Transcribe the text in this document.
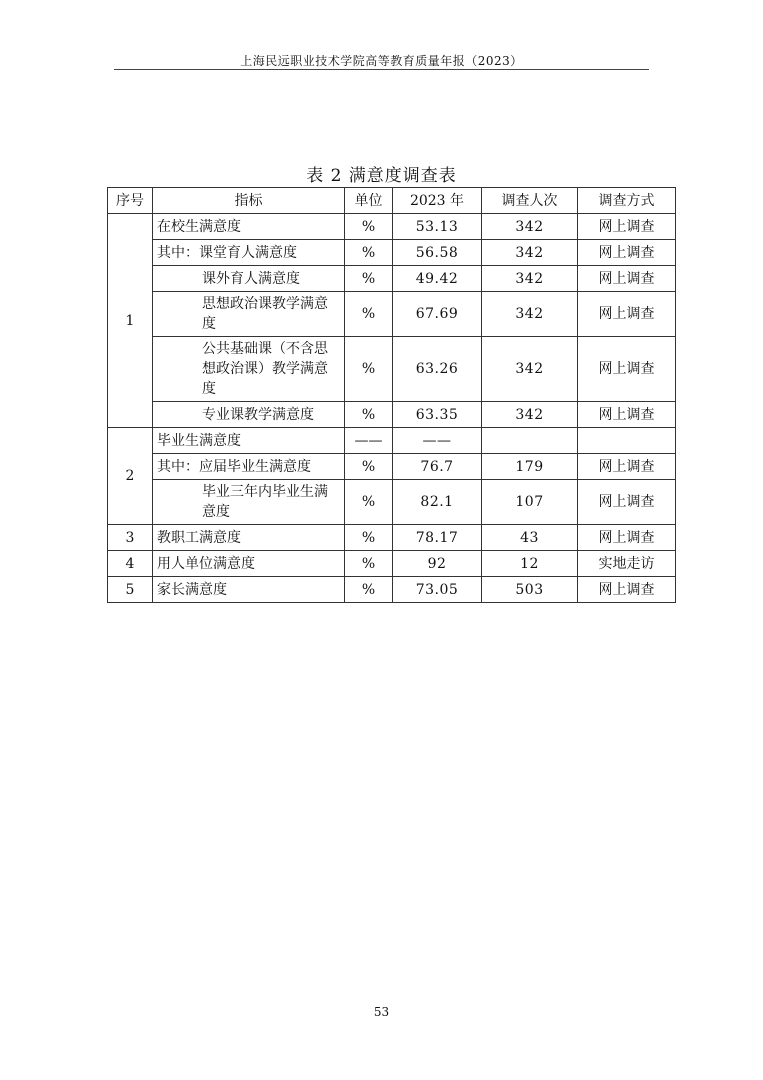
上海民远职业技术学院高等教育质量年报（2023）
表 2 满意度调查表
序号	指标	单位	2023 年	调查人次	调查方式
1	在校生满意度	%	53.13	342	网上调查
	其中：课堂育人满意度	%	56.58	342	网上调查
	课外育人满意度	%	49.42	342	网上调查
	思想政治课教学满意度	%	67.69	342	网上调查
	公共基础课（不含思想政治课）教学满意度	%	63.26	342	网上调查
	专业课教学满意度	%	63.35	342	网上调查
2	毕业生满意度	——	——		
	其中：应届毕业生满意度	%	76.7	179	网上调查
	毕业三年内毕业生满意度	%	82.1	107	网上调查
3	教职工满意度	%	78.17	43	网上调查
4	用人单位满意度	%	92	12	实地走访
5	家长满意度	%	73.05	503	网上调查
53
